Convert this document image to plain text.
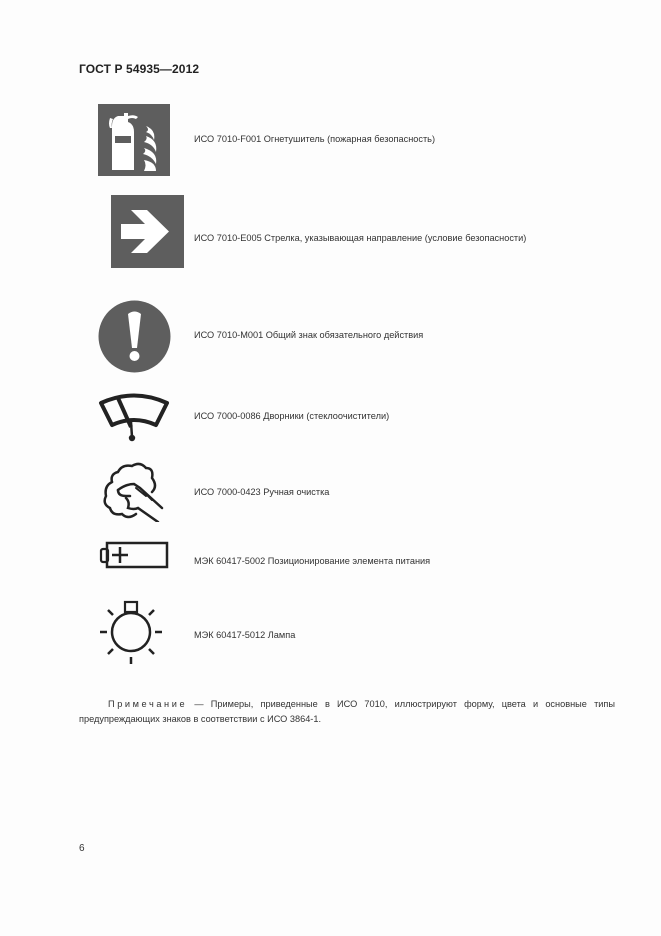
ГОСТ Р 54935—2012
ИСО 7010-F001 Огнетушитель (пожарная безопасность)
ИСО 7010-E005 Стрелка, указывающая направление (условие безопасности)
ИСО 7010-M001 Общий знак обязательного действия
ИСО 7000-0086 Дворники (стеклоочистители)
ИСО 7000-0423 Ручная очистка
МЭК 60417-5002 Позиционирование элемента питания
МЭК 60417-5012 Лампа
Примечание — Примеры, приведенные в ИСО 7010, иллюстрируют форму, цвета и основные типы предупреждающих знаков в соответствии с ИСО 3864-1.
6
